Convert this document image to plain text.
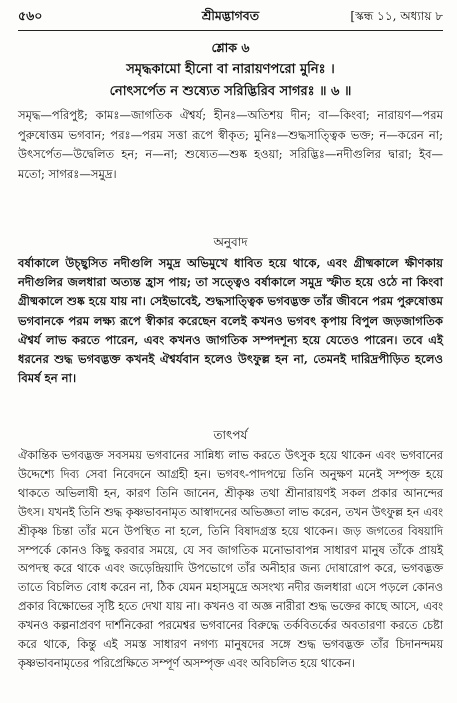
৫৬০	শ্রীমদ্ভাগবত	[স্কন্ধ ১১, অধ্যায় ৮
শ্লোক ৬
সমৃদ্ধকামো হীনো বা নারায়ণপরো মুনিঃ ।
নোৎসর্পেত ন শুষ্যেত সরিদ্ভিরিব সাগরঃ ॥ ৬ ॥
সমৃদ্ধ—পরিপুষ্ট; কামঃ—জাগতিক ঐশ্বর্য; হীনঃ—অতিশয় দীন; বা—কিংবা; নারায়ণ—পরম পুরুষোত্তম ভগবান; পরঃ—পরম সত্তা রূপে স্বীকৃত; মুনিঃ—শুদ্ধসাত্ত্বিক ভক্ত; ন—করেন না; উৎসর্পেত—উদ্বেলিত হন; ন—না; শুষ্যেত—শুষ্ক হওয়া; সরিদ্ভিঃ—নদীগুলির দ্বারা; ইব—মতো; সাগরঃ—সমুদ্র।
অনুবাদ
বর্ষাকালে উচ্ছ্বসিত নদীগুলি সমুদ্র অভিমুখে ধাবিত হয়ে থাকে, এবং গ্রীষ্মকালে ক্ষীণকায় নদীগুলির জলধারা অত্যন্ত হ্রাস পায়; তা সত্ত্বেও বর্ষাকালে সমুদ্র স্ফীত হয়ে ওঠে না কিংবা গ্রীষ্মকালে শুষ্ক হয়ে যায় না। সেইভাবেই, শুদ্ধসাত্ত্বিক ভগবদ্ভক্ত তাঁর জীবনে পরম পুরুষোত্তম ভগবানকে পরম লক্ষ্য রূপে স্বীকার করেছেন বলেই কখনও ভগবৎ কৃপায় বিপুল জড়জাগতিক ঐশ্বর্য লাভ করতে পারেন, এবং কখনও জাগতিক সম্পদশূন্য হয়ে যেতেও পারেন। তবে এই ধরনের শুদ্ধ ভগবদ্ভক্ত কখনই ঐশ্বর্যবান হলেও উৎফুল্ল হন না, তেমনই দারিদ্রপীড়িত হলেও বিমর্ষ হন না।
তাৎপর্য
ঐকান্তিক ভগবদ্ভক্ত সবসময় ভগবানের সান্নিধ্য লাভ করতে উৎসুক হয়ে থাকেন এবং ভগবানের উদ্দেশ্যে দিব্য সেবা নিবেদনে আগ্রহী হন। ভগবৎ-পাদপদ্মে তিনি অনুক্ষণ মনেই সম্পৃক্ত হয়ে থাকতে অভিলাষী হন, কারণ তিনি জানেন, শ্রীকৃষ্ণ তথা শ্রীনারায়ণই সকল প্রকার আনন্দের উৎস। যখনই তিনি শুদ্ধ কৃষ্ণভাবনামৃত আস্বাদনের অভিজ্ঞতা লাভ করেন, তখন উৎফুল্ল হন এবং শ্রীকৃষ্ণ চিন্তা তাঁর মনে উপস্থিত না হলে, তিনি বিষাদগ্রস্ত হয়ে থাকেন। জড় জগতের বিষয়াদি সম্পর্কে কোনও কিছু করবার সময়ে, যে সব জাগতিক মনোভাবাপন্ন সাধারণ মানুষ তাঁকে প্রায়ই অপদস্থ করে থাকে এবং জড়েন্দ্রিয়াদি উপভোগে তাঁর অনীহার জন্য দোষারোপ করে, ভগবদ্ভক্ত তাতে বিচলিত বোধ করেন না, ঠিক যেমন মহাসমুদ্রে অসংখ্য নদীর জলধারা এসে পড়লে কোনও প্রকার বিক্ষোভের সৃষ্টি হতে দেখা যায় না। কখনও বা অজ্ঞ নারীরা শুদ্ধ ভক্তের কাছে আসে, এবং কখনও কল্পনাপ্রবণ দার্শনিকেরা পরমেশ্বর ভগবানের বিরুদ্ধে তর্কবিতর্কের অবতারণা করতে চেষ্টা করে থাকে, কিন্তু এই সমস্ত সাধারণ নগণ্য মানুষদের সঙ্গে শুদ্ধ ভগবদ্ভক্ত তাঁর চিদানন্দময় কৃষ্ণভাবনামৃতের পরিপ্রেক্ষিতে সম্পূর্ণ অসম্পৃক্ত এবং অবিচলিত হয়ে থাকেন।
